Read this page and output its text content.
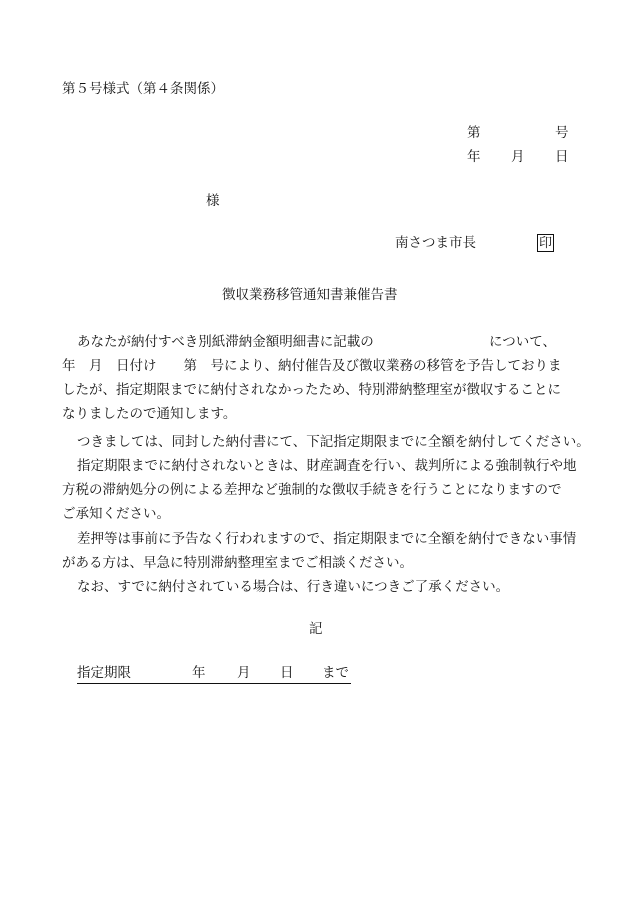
第５号様式（第４条関係）
第	号
年 月 日
様
南さつま市長	印
徴収業務移管通知書兼催告書
あなたが納付すべき別紙滞納金額明細書に記載の	について、
年　月　日付け　　第　号により、納付催告及び徴収業務の移管を予告しておりま
したが、指定期限までに納付されなかったため、特別滞納整理室が徴収することに
なりましたので通知します。
つきましては、同封した納付書にて、下記指定期限までに全額を納付してください。
指定期限までに納付されないときは、財産調査を行い、裁判所による強制執行や地
方税の滞納処分の例による差押など強制的な徴収手続きを行うことになりますので
ご承知ください。
差押等は事前に予告なく行われますので、指定期限までに全額を納付できない事情
がある方は、早急に特別滞納整理室までご相談ください。
なお、すでに納付されている場合は、行き違いにつきご了承ください。
記
指定期限	年 月 日 まで
